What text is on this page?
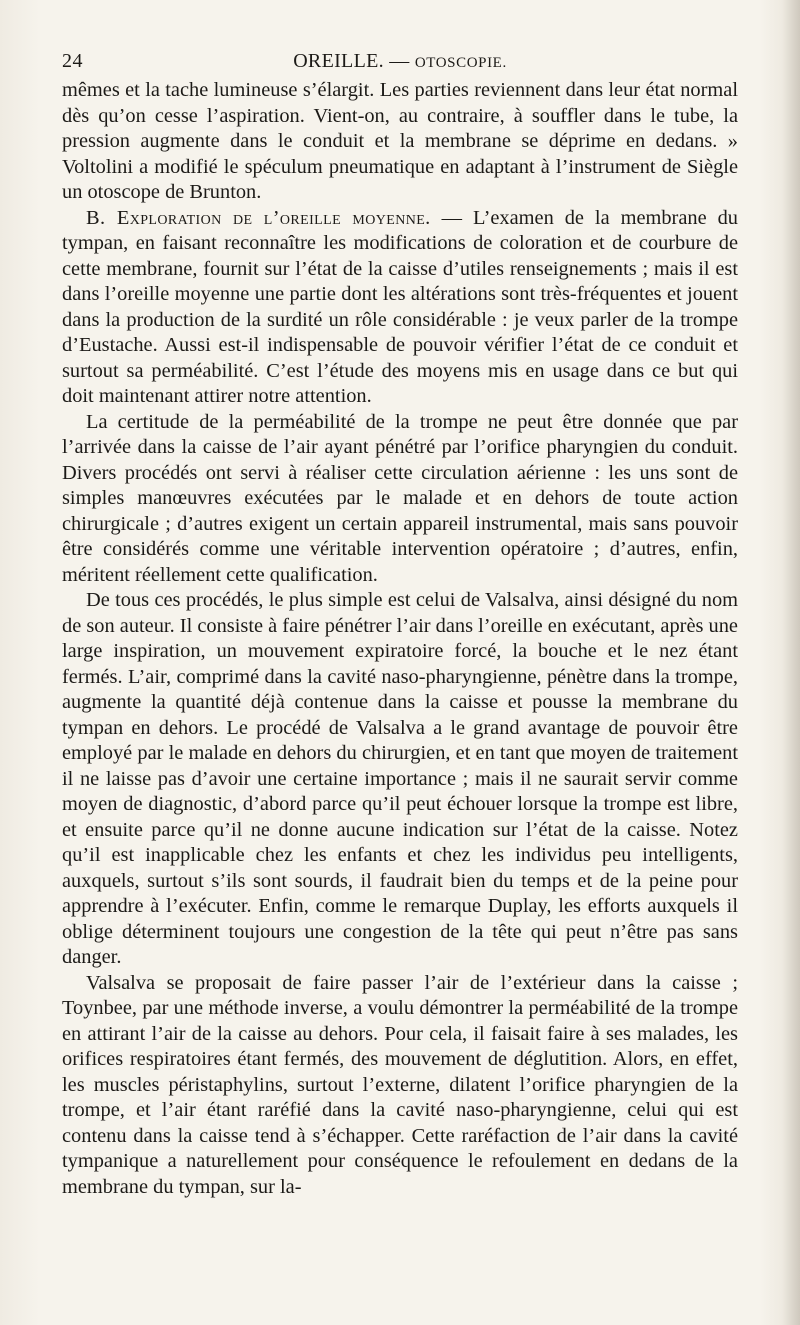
24	OREILLE. — OTOSCOPIE.

mêmes et la tache lumineuse s’élargit. Les parties reviennent dans leur état normal dès qu’on cesse l’aspiration. Vient-on, au contraire, à souffler dans le tube, la pression augmente dans le conduit et la membrane se déprime en dedans. » Voltolini a modifié le spéculum pneumatique en adaptant à l’instrument de Siègle un otoscope de Brunton.

B. Exploration de l’oreille moyenne. — L’examen de la membrane du tympan, en faisant reconnaître les modifications de coloration et de courbure de cette membrane, fournit sur l’état de la caisse d’utiles renseignements ; mais il est dans l’oreille moyenne une partie dont les altérations sont très-fréquentes et jouent dans la production de la surdité un rôle considérable : je veux parler de la trompe d’Eustache. Aussi est-il indispensable de pouvoir vérifier l’état de ce conduit et surtout sa perméabilité. C’est l’étude des moyens mis en usage dans ce but qui doit maintenant attirer notre attention.

La certitude de la perméabilité de la trompe ne peut être donnée que par l’arrivée dans la caisse de l’air ayant pénétré par l’orifice pharyngien du conduit. Divers procédés ont servi à réaliser cette circulation aérienne : les uns sont de simples manœuvres exécutées par le malade et en dehors de toute action chirurgicale ; d’autres exigent un certain appareil instrumental, mais sans pouvoir être considérés comme une véritable intervention opératoire ; d’autres, enfin, méritent réellement cette qualification.

De tous ces procédés, le plus simple est celui de Valsalva, ainsi désigné du nom de son auteur. Il consiste à faire pénétrer l’air dans l’oreille en exécutant, après une large inspiration, un mouvement expiratoire forcé, la bouche et le nez étant fermés. L’air, comprimé dans la cavité naso-pharyngienne, pénètre dans la trompe, augmente la quantité déjà contenue dans la caisse et pousse la membrane du tympan en dehors. Le procédé de Valsalva a le grand avantage de pouvoir être employé par le malade en dehors du chirurgien, et en tant que moyen de traitement il ne laisse pas d’avoir une certaine importance ; mais il ne saurait servir comme moyen de diagnostic, d’abord parce qu’il peut échouer lorsque la trompe est libre, et ensuite parce qu’il ne donne aucune indication sur l’état de la caisse. Notez qu’il est inapplicable chez les enfants et chez les individus peu intelligents, auxquels, surtout s’ils sont sourds, il faudrait bien du temps et de la peine pour apprendre à l’exécuter. Enfin, comme le remarque Duplay, les efforts auxquels il oblige déterminent toujours une congestion de la tête qui peut n’être pas sans danger.

Valsalva se proposait de faire passer l’air de l’extérieur dans la caisse ; Toynbee, par une méthode inverse, a voulu démontrer la perméabilité de la trompe en attirant l’air de la caisse au dehors. Pour cela, il faisait faire à ses malades, les orifices respiratoires étant fermés, des mouvement de déglutition. Alors, en effet, les muscles péristaphylins, surtout l’externe, dilatent l’orifice pharyngien de la trompe, et l’air étant raréfié dans la cavité naso-pharyngienne, celui qui est contenu dans la caisse tend à s’échapper. Cette raréfaction de l’air dans la cavité tympanique a naturellement pour conséquence le refoulement en dedans de la membrane du tympan, sur la-
